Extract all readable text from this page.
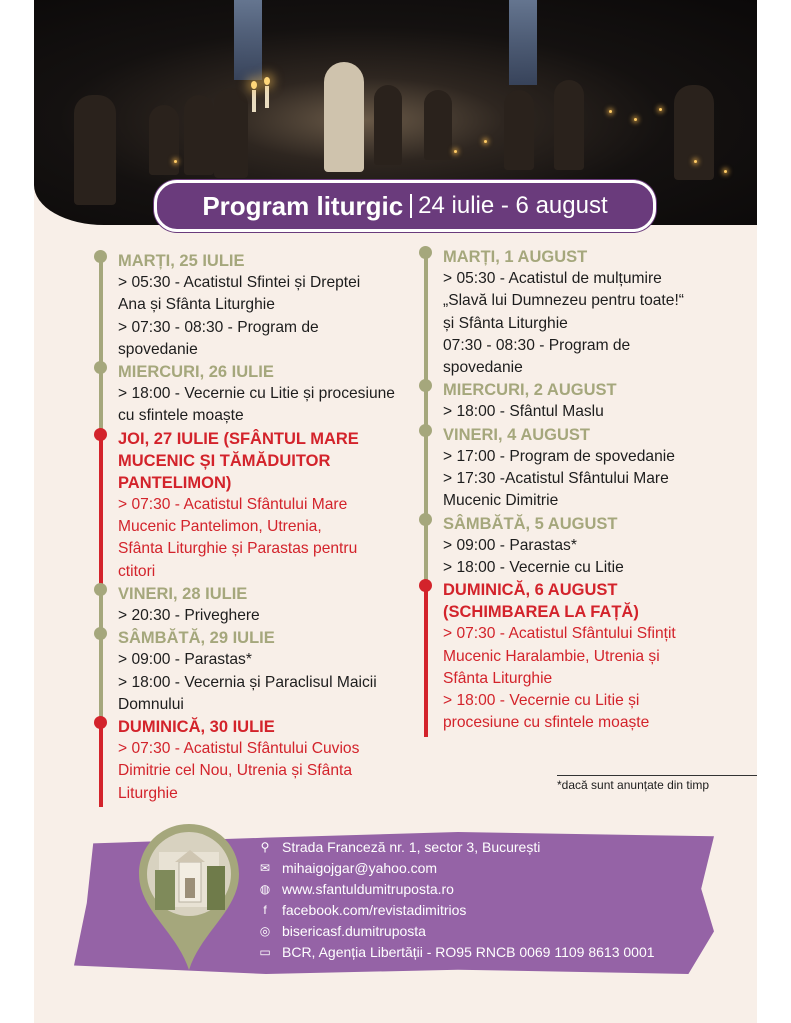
Program liturgic 24 iulie - 6 august
MARȚI, 25 IULIE
> 05:30 - Acatistul Sfintei și Dreptei
Ana și Sfânta Liturghie
> 07:30 - 08:30 - Program de
spovedanie
MIERCURI, 26 IULIE
> 18:00 - Vecernie cu Litie și procesiune
cu sfintele moaște
JOI, 27 IULIE (SFÂNTUL MARE
MUCENIC ȘI TĂMĂDUITOR
PANTELIMON)
> 07:30 - Acatistul Sfântului Mare
Mucenic Pantelimon, Utrenia,
Sfânta Liturghie și Parastas pentru
ctitori
VINERI, 28 IULIE
> 20:30 - Priveghere
SÂMBĂTĂ, 29 IULIE
> 09:00 - Parastas*
> 18:00 - Vecernia și Paraclisul Maicii
Domnului
DUMINICĂ, 30 IULIE
> 07:30 - Acatistul Sfântului Cuvios
Dimitrie cel Nou, Utrenia și Sfânta
Liturghie
MARȚI, 1 AUGUST
> 05:30 - Acatistul de mulțumire
„Slavă lui Dumnezeu pentru toate!“
și Sfânta Liturghie
07:30 - 08:30 - Program de
spovedanie
MIERCURI, 2 AUGUST
> 18:00 - Sfântul Maslu
VINERI, 4 AUGUST
> 17:00 - Program de spovedanie
> 17:30 -Acatistul Sfântului Mare
Mucenic Dimitrie
SÂMBĂTĂ, 5 AUGUST
> 09:00 - Parastas*
> 18:00 - Vecernie cu Litie
DUMINICĂ, 6 AUGUST
(SCHIMBAREA LA FAȚĂ)
> 07:30 - Acatistul Sfântului Sfințit
Mucenic Haralambie, Utrenia și
Sfânta Liturghie
> 18:00 - Vecernie cu Litie și
procesiune cu sfintele moaște
*dacă sunt anunțate din timp
⚲ Strada Franceză nr. 1, sector 3, București
✉ mihaigojgar@yahoo.com
◍ www.sfantuldumitruposta.ro
f	facebook.com/revistadimitrios
◎ bisericasf.dumitruposta
▭ BCR, Agenția Libertății - RO95 RNCB 0069 1109 8613 0001
